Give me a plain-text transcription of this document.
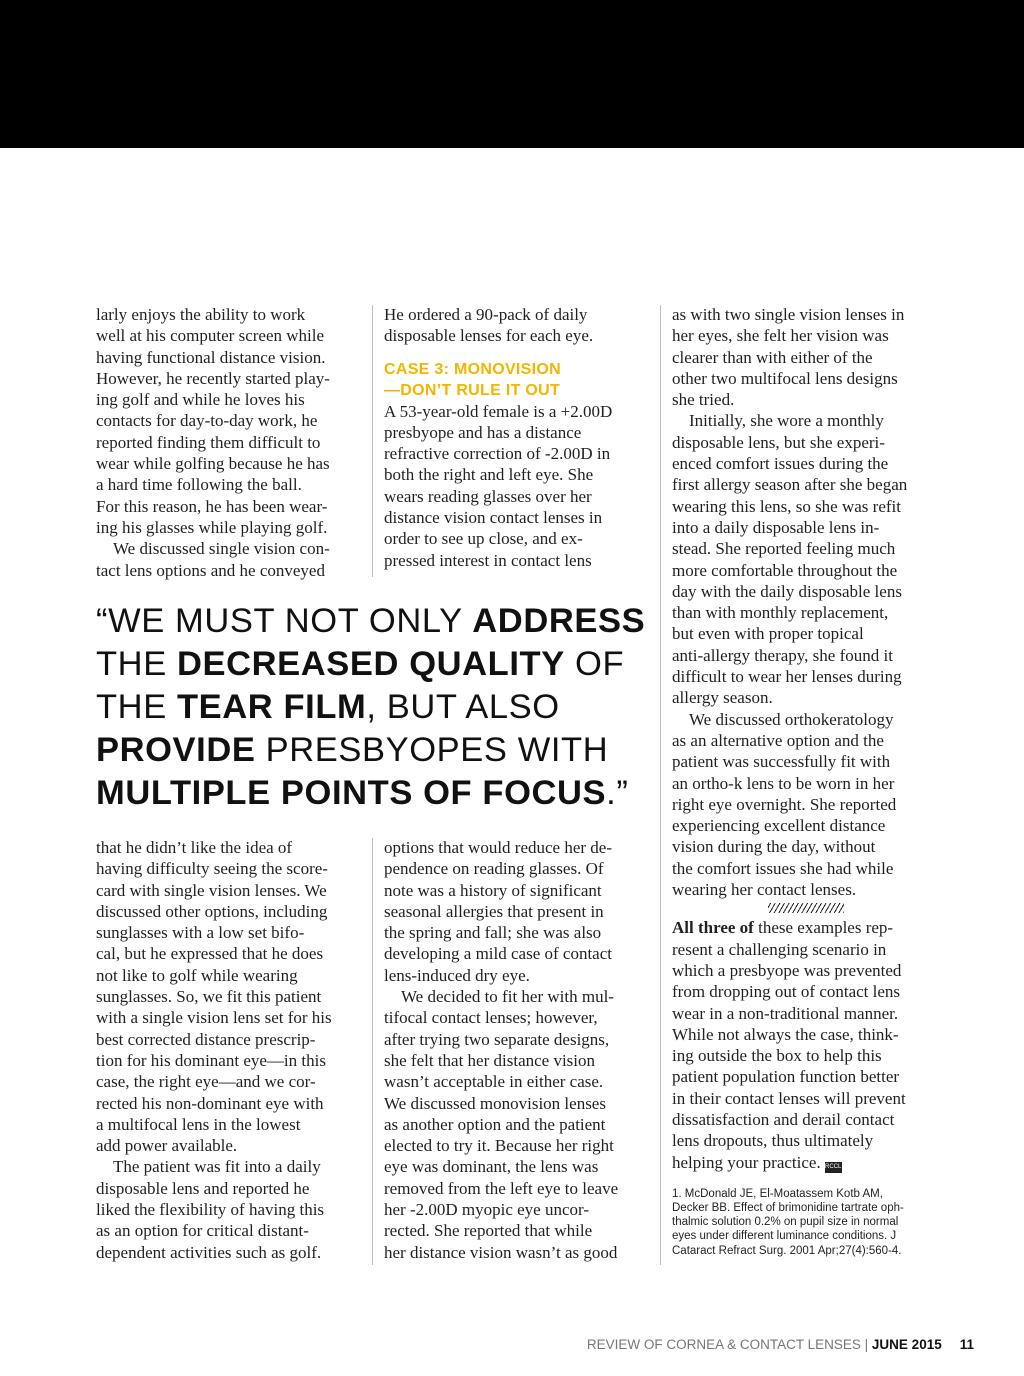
larly enjoys the ability to work
well at his computer screen while
having functional distance vision.
However, he recently started play-
ing golf and while he loves his
contacts for day-to-day work, he
reported finding them difficult to
wear while golfing because he has
a hard time following the ball.
For this reason, he has been wear-
ing his glasses while playing golf.
We discussed single vision con-
tact lens options and he conveyed
He ordered a 90-pack of daily
disposable lenses for each eye.
CASE 3: MONOVISION
—DON’T RULE IT OUT
A 53-year-old female is a +2.00D
presbyope and has a distance
refractive correction of -2.00D in
both the right and left eye. She
wears reading glasses over her
distance vision contact lenses in
order to see up close, and ex-
pressed interest in contact lens
“WE MUST NOT ONLY ADDRESS
THE DECREASED QUALITY OF
THE TEAR FILM, BUT ALSO
PROVIDE PRESBYOPES WITH
MULTIPLE POINTS OF FOCUS.”
that he didn’t like the idea of
having difficulty seeing the score-
card with single vision lenses. We
discussed other options, including
sunglasses with a low set bifo-
cal, but he expressed that he does
not like to golf while wearing
sunglasses. So, we fit this patient
with a single vision lens set for his
best corrected distance prescrip-
tion for his dominant eye—in this
case, the right eye—and we cor-
rected his non-dominant eye with
a multifocal lens in the lowest
add power available.
The patient was fit into a daily
disposable lens and reported he
liked the flexibility of having this
as an option for critical distant-
dependent activities such as golf.
options that would reduce her de-
pendence on reading glasses. Of
note was a history of significant
seasonal allergies that present in
the spring and fall; she was also
developing a mild case of contact
lens-induced dry eye.
We decided to fit her with mul-
tifocal contact lenses; however,
after trying two separate designs,
she felt that her distance vision
wasn’t acceptable in either case.
We discussed monovision lenses
as another option and the patient
elected to try it. Because her right
eye was dominant, the lens was
removed from the left eye to leave
her -2.00D myopic eye uncor-
rected. She reported that while
her distance vision wasn’t as good
as with two single vision lenses in
her eyes, she felt her vision was
clearer than with either of the
other two multifocal lens designs
she tried.
Initially, she wore a monthly
disposable lens, but she experi-
enced comfort issues during the
first allergy season after she began
wearing this lens, so she was refit
into a daily disposable lens in-
stead. She reported feeling much
more comfortable throughout the
day with the daily disposable lens
than with monthly replacement,
but even with proper topical
anti-allergy therapy, she found it
difficult to wear her lenses during
allergy season.
We discussed orthokeratology
as an alternative option and the
patient was successfully fit with
an ortho-k lens to be worn in her
right eye overnight. She reported
experiencing excellent distance
vision during the day, without
the comfort issues she had while
wearing her contact lenses.
All three of these examples rep-
resent a challenging scenario in
which a presbyope was prevented
from dropping out of contact lens
wear in a non-traditional manner.
While not always the case, think-
ing outside the box to help this
patient population function better
in their contact lenses will prevent
dissatisfaction and derail contact
lens dropouts, thus ultimately
helping your practice. RCCL
1. McDonald JE, El-Moatassem Kotb AM,
Decker BB. Effect of brimonidine tartrate oph-
thalmic solution 0.2% on pupil size in normal
eyes under different luminance conditions. J
Cataract Refract Surg. 2001 Apr;27(4):560-4.
REVIEW OF CORNEA & CONTACT LENSES | JUNE 2015 11
